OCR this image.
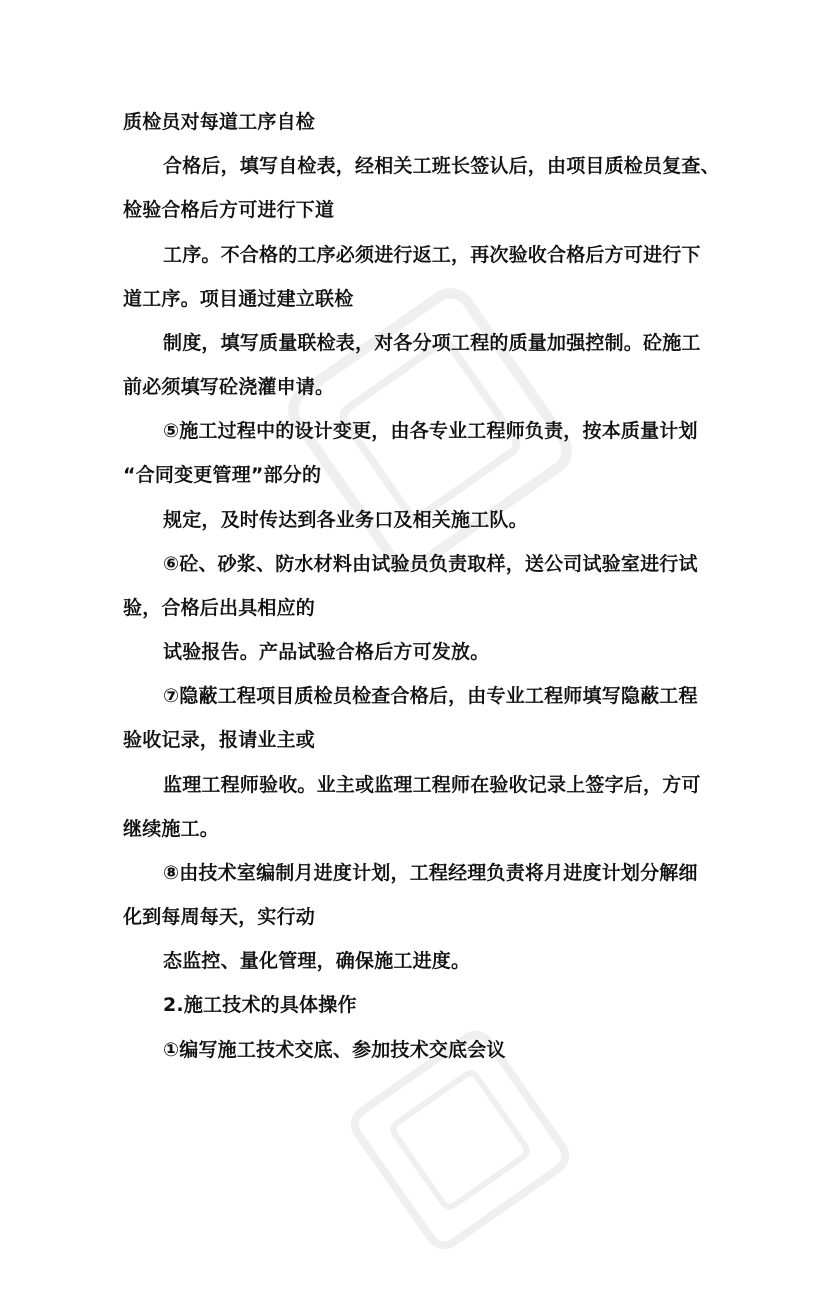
质检员对每道工序自检
合格后，填写自检表，经相关工班长签认后，由项目质检员复查、
检验合格后方可进行下道
工序。不合格的工序必须进行返工，再次验收合格后方可进行下
道工序。项目通过建立联检
制度，填写质量联检表，对各分项工程的质量加强控制。砼施工
前必须填写砼浇灌申请。
⑤施工过程中的设计变更，由各专业工程师负责，按本质量计划
“合同变更管理”部分的
规定，及时传达到各业务口及相关施工队。
⑥砼、砂浆、防水材料由试验员负责取样，送公司试验室进行试
验，合格后出具相应的
试验报告。产品试验合格后方可发放。
⑦隐蔽工程项目质检员检查合格后，由专业工程师填写隐蔽工程
验收记录，报请业主或
监理工程师验收。业主或监理工程师在验收记录上签字后，方可
继续施工。
⑧由技术室编制月进度计划，工程经理负责将月进度计划分解细
化到每周每天，实行动
态监控、量化管理，确保施工进度。
2.施工技术的具体操作
①编写施工技术交底、参加技术交底会议
